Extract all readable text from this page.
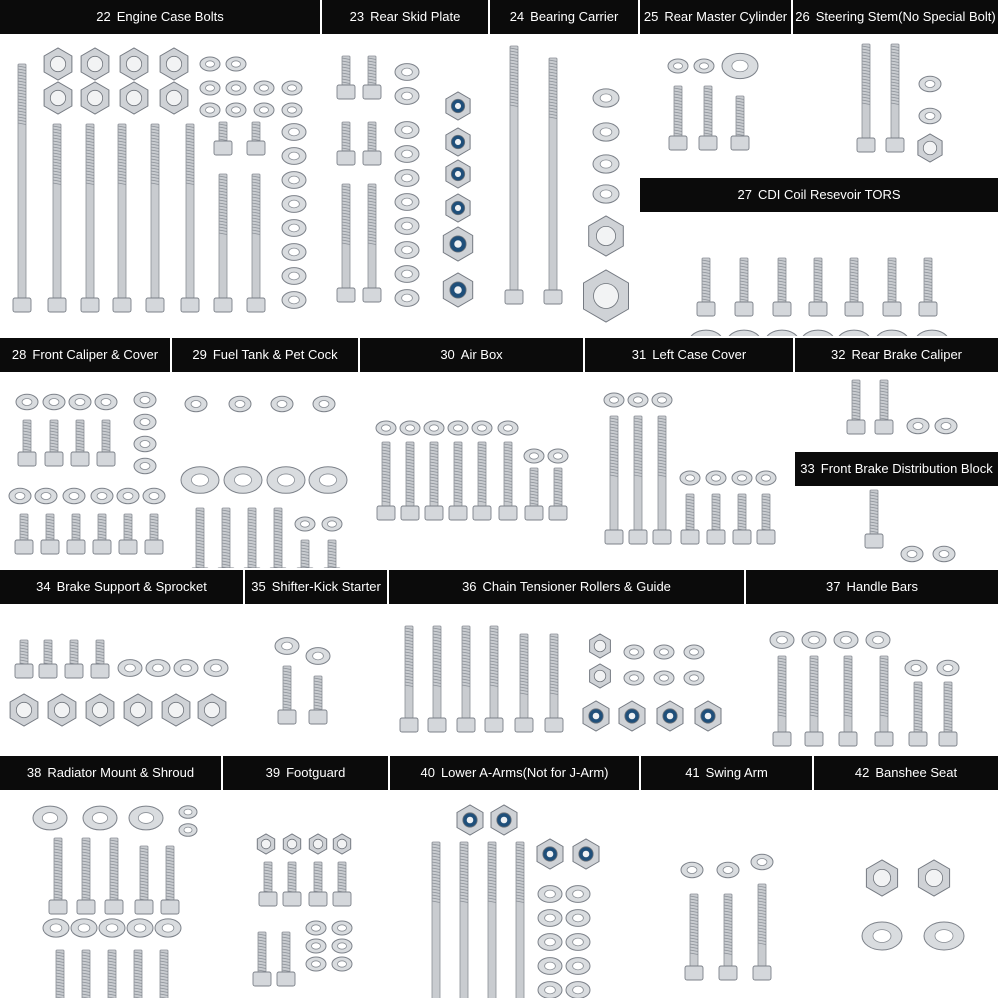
22 Engine Case Bolts	23 Rear Skid Plate	24 Bearing Carrier	25 Rear Master Cylinder 26 Steering Stem(No Special Bolt)
27 CDI Coil Resevoir TORS
28 Front Caliper & Cover	29 Fuel Tank & Pet Cock	30 Air Box	31 Left Case Cover	32 Rear Brake Caliper
33 Front Brake Distribution Block
34 Brake Support & Sprocket	35 Shifter-Kick Starter	36 Chain Tensioner Rollers & Guide	37 Handle Bars
38 Radiator Mount & Shroud	39 Footguard	40 Lower A-Arms(Not for J-Arm)	41 Swing Arm	42 Banshee Seat
